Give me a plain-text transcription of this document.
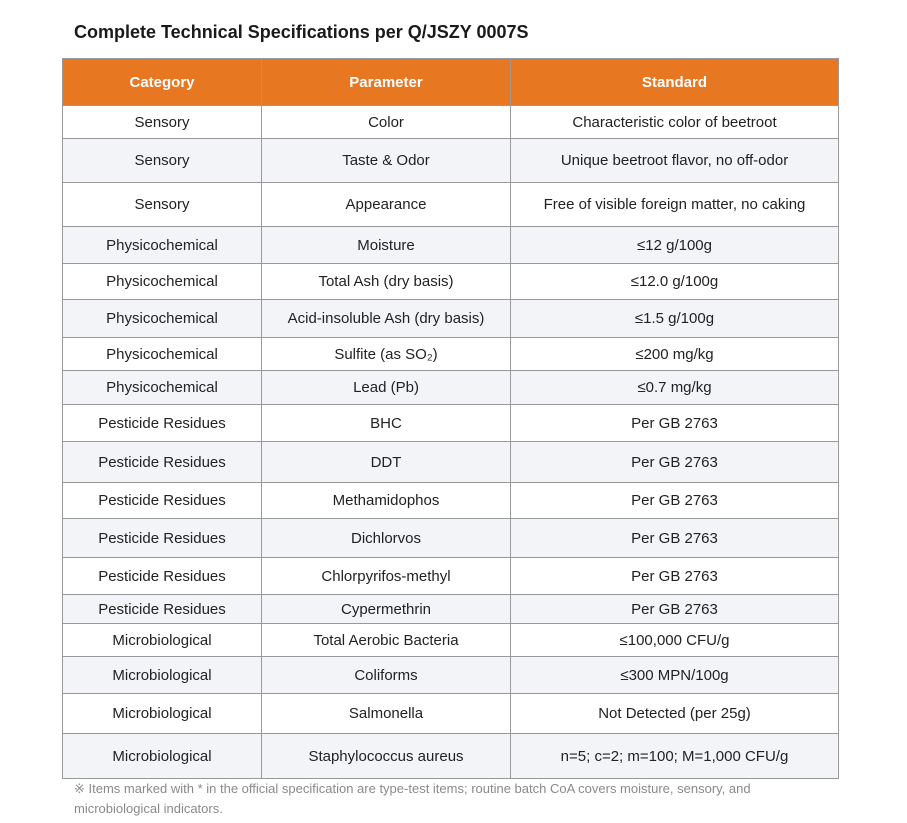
Complete Technical Specifications per Q/JSZY 0007S
Category	Parameter	Standard
Sensory	Color	Characteristic color of beetroot
Sensory	Taste & Odor	Unique beetroot flavor, no off-odor
Sensory	Appearance	Free of visible foreign matter, no caking
Physicochemical	Moisture	≤12 g/100g
Physicochemical	Total Ash (dry basis)	≤12.0 g/100g
Physicochemical	Acid-insoluble Ash (dry basis)	≤1.5 g/100g
Physicochemical	Sulfite (as SO₂)	≤200 mg/kg
Physicochemical	Lead (Pb)	≤0.7 mg/kg
Pesticide Residues	BHC	Per GB 2763
Pesticide Residues	DDT	Per GB 2763
Pesticide Residues	Methamidophos	Per GB 2763
Pesticide Residues	Dichlorvos	Per GB 2763
Pesticide Residues	Chlorpyrifos-methyl	Per GB 2763
Pesticide Residues	Cypermethrin	Per GB 2763
Microbiological	Total Aerobic Bacteria	≤100,000 CFU/g
Microbiological	Coliforms	≤300 MPN/100g
Microbiological	Salmonella	Not Detected (per 25g)
Microbiological	Staphylococcus aureus	n=5; c=2; m=100; M=1,000 CFU/g
※ Items marked with * in the official specification are type-test items; routine batch CoA covers moisture, sensory, and microbiological indicators.
